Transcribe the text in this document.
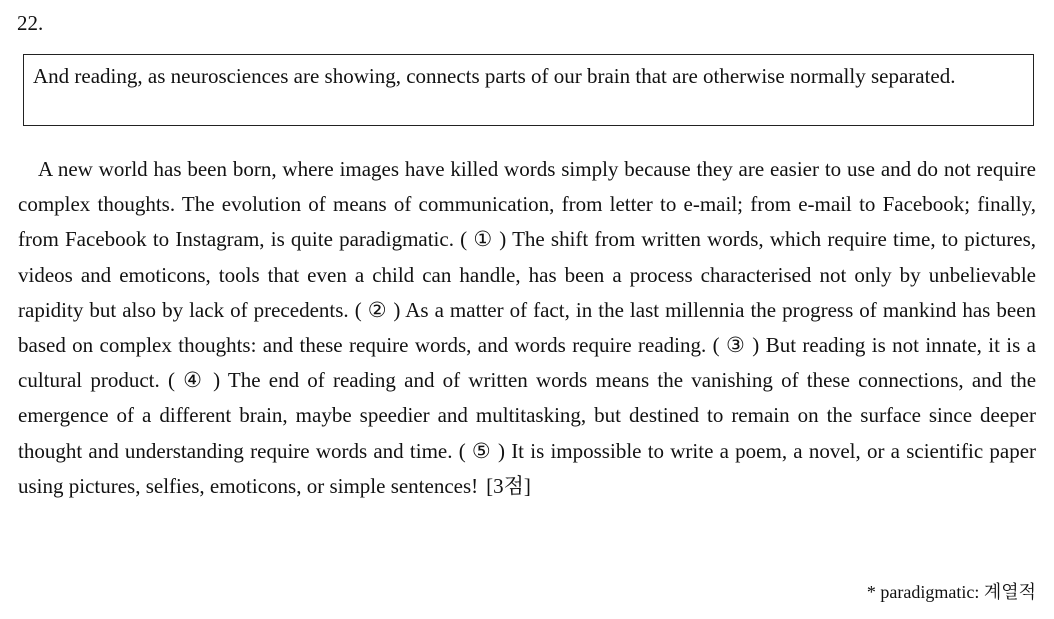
22.
And reading, as neurosciences are showing, connects parts of our brain that are otherwise normally separated.

A new world has been born, where images have killed words simply because they are easier to use and do not require complex thoughts. The evolution of means of communication, from letter to e-mail; from e-mail to Facebook; finally, from Facebook to Instagram, is quite paradigmatic. ( ① ) The shift from written words, which require time, to pictures, videos and emoticons, tools that even a child can handle, has been a process characterised not only by unbelievable rapidity but also by lack of precedents. ( ② ) As a matter of fact, in the last millennia the progress of mankind has been based on complex thoughts: and these require words, and words require reading. ( ③ ) But reading is not innate, it is a cultural product. ( ④ ) The end of reading and of written words means the vanishing of these connections, and the emergence of a different brain, maybe speedier and multitasking, but destined to remain on the surface since deeper thought and understanding require words and time. ( ⑤ ) It is impossible to write a poem, a novel, or a scientific paper using pictures, selfies, emoticons, or simple sentences! [3점]

* paradigmatic: 계열적
